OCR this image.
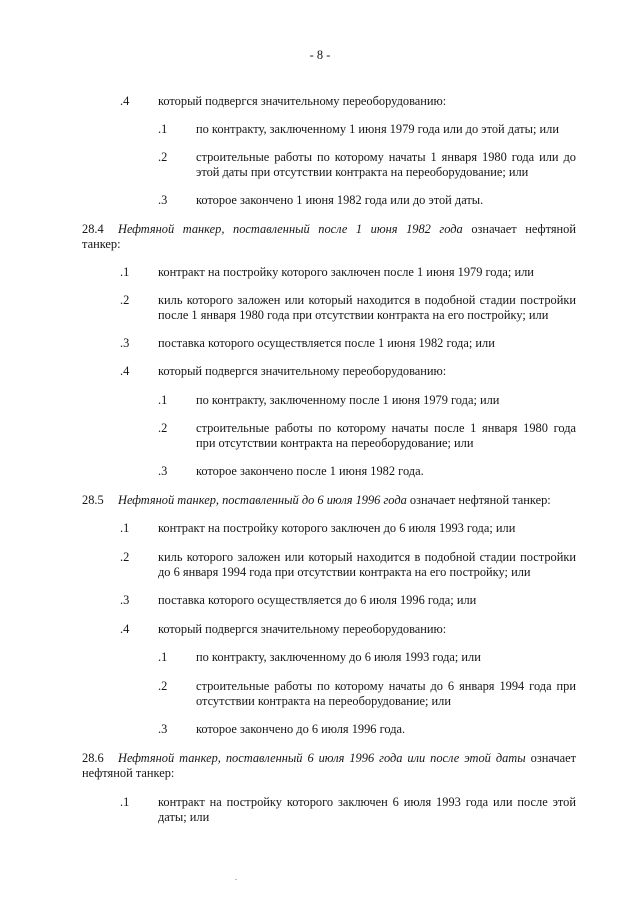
- 8 -
.4 который подвергся значительному переоборудованию:
.1 по контракту, заключенному 1 июня 1979 года или до этой даты; или
.2 строительные работы по которому начаты 1 января 1980 года или до
этой даты при отсутствии контракта на переоборудование; или
.3 которое закончено 1 июня 1982 года или до этой даты.
28.4 Нефтяной танкер, поставленный после 1 июня 1982 года означает нефтяной
танкер:
.1 контракт на постройку которого заключен после 1 июня 1979 года; или
.2 киль которого заложен или который находится в подобной стадии постройки
после 1 января 1980 года при отсутствии контракта на его постройку; или
.3 поставка которого осуществляется после 1 июня 1982 года; или
.4 который подвергся значительному переоборудованию:
.1 по контракту, заключенному после 1 июня 1979 года; или
.2 строительные работы по которому начаты после 1 января 1980 года
при отсутствии контракта на переоборудование; или
.3 которое закончено после 1 июня 1982 года.
28.5 Нефтяной танкер, поставленный до 6 июля 1996 года означает нефтяной танкер:
.1 контракт на постройку которого заключен до 6 июля 1993 года; или
.2 киль которого заложен или который находится в подобной стадии постройки
до 6 января 1994 года при отсутствии контракта на его постройку; или
.3 поставка которого осуществляется до 6 июля 1996 года; или
.4 который подвергся значительному переоборудованию:
.1 по контракту, заключенному до 6 июля 1993 года; или
.2 строительные работы по которому начаты до 6 января 1994 года при
отсутствии контракта на переоборудование; или
.3 которое закончено до 6 июля 1996 года.
28.6 Нефтяной танкер, поставленный 6 июля 1996 года или после этой даты означает
нефтяной танкер:
.1 контракт на постройку которого заключен 6 июля 1993 года или после этой
даты; или
